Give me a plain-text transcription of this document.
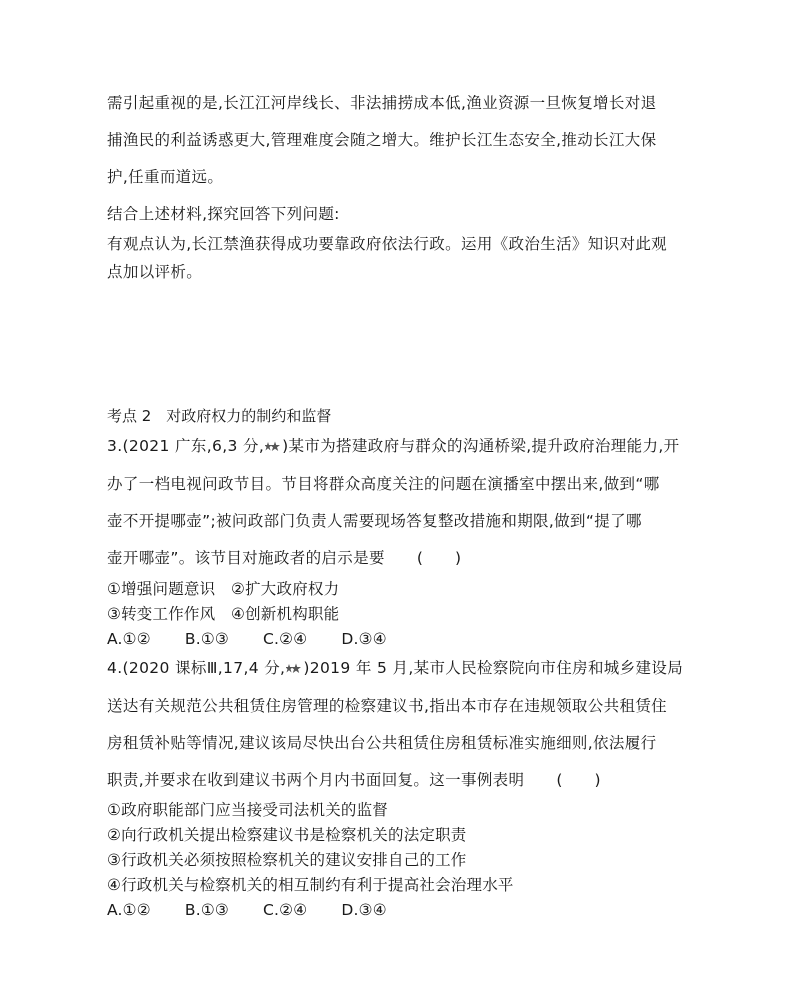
需引起重视的是,长江江河岸线长、非法捕捞成本低,渔业资源一旦恢复增长对退
捕渔民的利益诱惑更大,管理难度会随之增大。维护长江生态安全,推动长江大保
护,任重而道远。
结合上述材料,探究回答下列问题:
有观点认为,长江禁渔获得成功要靠政府依法行政。运用《政治生活》知识对此观
点加以评析。
考点 2　对政府权力的制约和监督
3.(2021 广东,6,3 分, )某市为搭建政府与群众的沟通桥梁,提升政府治理能力,开
办了一档电视问政节目。节目将群众高度关注的问题在演播室中摆出来,做到“哪
壶不开提哪壶”;被问政部门负责人需要现场答复整改措施和期限,做到“提了哪
壶开哪壶”。该节目对施政者的启示是要 (　　)
①增强问题意识　②扩大政府权力
③转变工作作风　④创新机构职能
A.①② B.①③ C.②④ D.③④
4.(2020 课标Ⅲ,17,4 分, )2019 年 5 月,某市人民检察院向市住房和城乡建设局
送达有关规范公共租赁住房管理的检察建议书,指出本市存在违规领取公共租赁住
房租赁补贴等情况,建议该局尽快出台公共租赁住房租赁标准实施细则,依法履行
职责,并要求在收到建议书两个月内书面回复。这一事例表明 (　　)
①政府职能部门应当接受司法机关的监督
②向行政机关提出检察建议书是检察机关的法定职责
③行政机关必须按照检察机关的建议安排自己的工作
④行政机关与检察机关的相互制约有利于提高社会治理水平
A.①② B.①③ C.②④ D.③④
